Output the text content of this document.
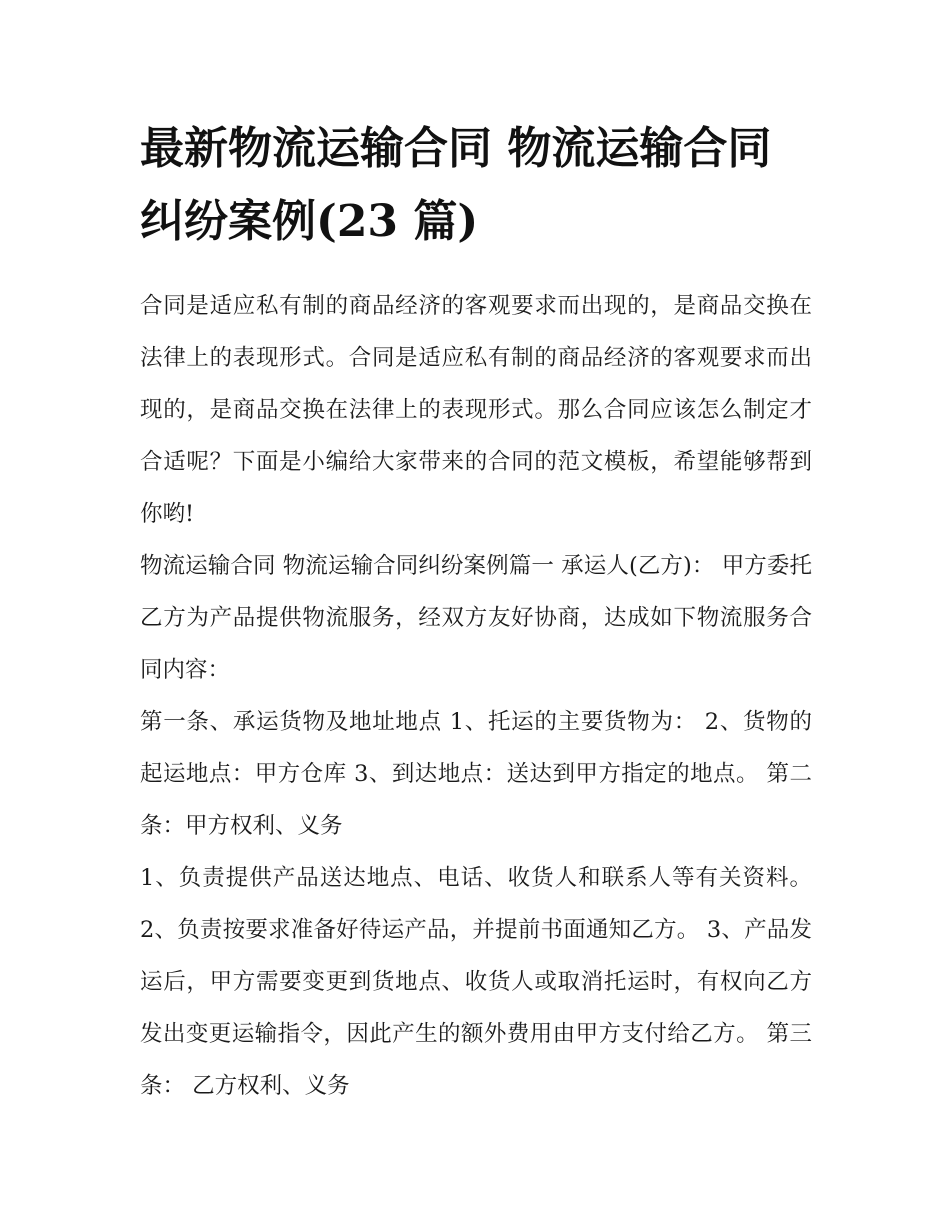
最新物流运输合同 物流运输合同纠纷案例(23 篇)

合同是适应私有制的商品经济的客观要求而出现的，是商品交换在法律上的表现形式。合同是适应私有制的商品经济的客观要求而出现的，是商品交换在法律上的表现形式。那么合同应该怎么制定才合适呢？下面是小编给大家带来的合同的范文模板，希望能够帮到你哟!

物流运输合同 物流运输合同纠纷案例篇一 承运人(乙方)： 甲方委托乙方为产品提供物流服务，经双方友好协商，达成如下物流服务合同内容：

第一条、承运货物及地址地点 1、托运的主要货物为： 2、货物的起运地点：甲方仓库 3、到达地点：送达到甲方指定的地点。 第二条：甲方权利、义务

1、负责提供产品送达地点、电话、收货人和联系人等有关资料。 2、负责按要求准备好待运产品，并提前书面通知乙方。 3、产品发运后，甲方需要变更到货地点、收货人或取消托运时，有权向乙方发出变更运输指令，因此产生的额外费用由甲方支付给乙方。 第三条： 乙方权利、义务
